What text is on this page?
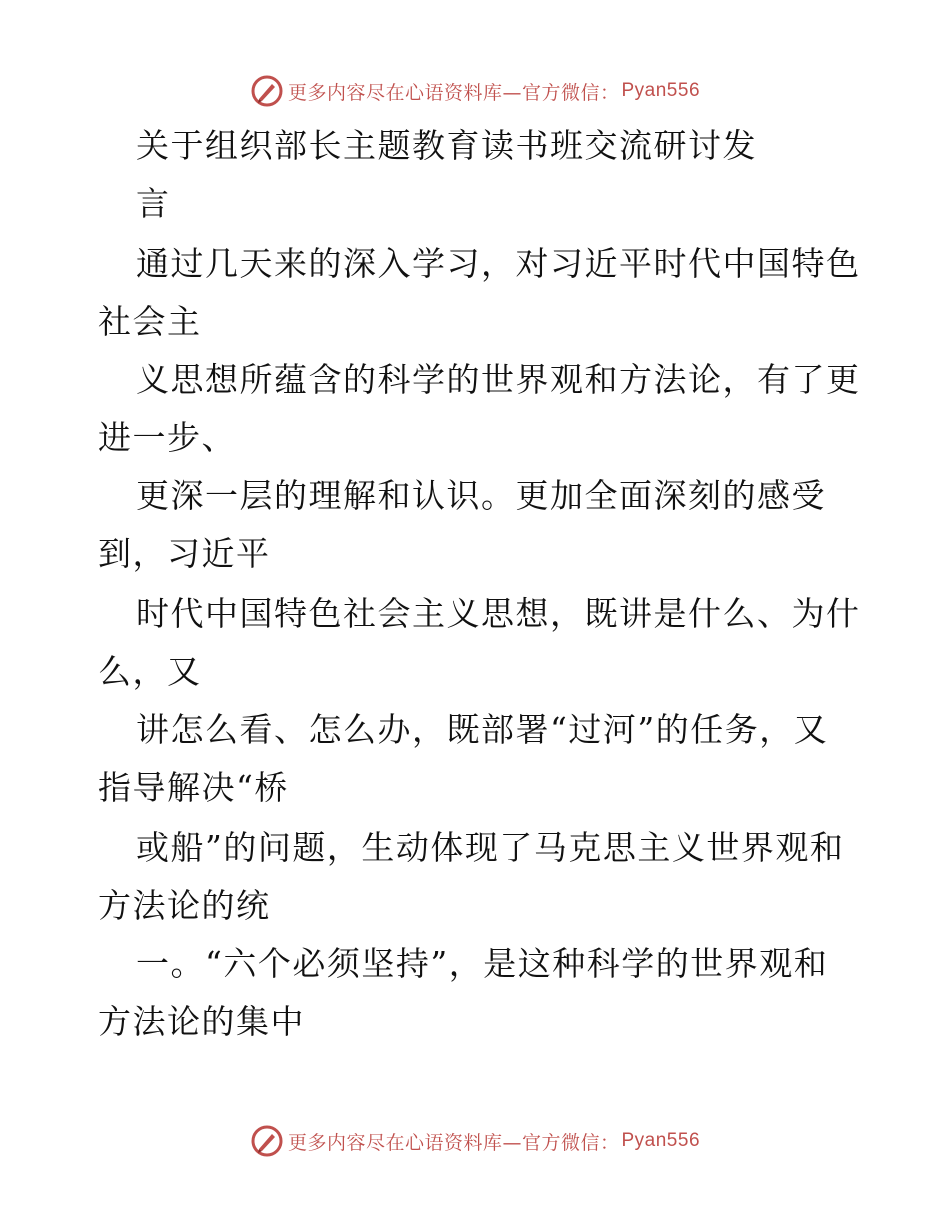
更多内容尽在心语资料库—官方微信： Pyan556
关于组织部长主题教育读书班交流研讨发
言
通过几天来的深入学习，对习近平时代中国特色
社会主
义思想所蕴含的科学的世界观和方法论，有了更
进一步、
更深一层的理解和认识。更加全面深刻的感受
到，习近平
时代中国特色社会主义思想，既讲是什么、为什
么，又
讲怎么看、怎么办，既部署“过河”的任务，又
指导解决“桥
或船”的问题，生动体现了马克思主义世界观和
方法论的统
一。“六个必须坚持”，是这种科学的世界观和
方法论的集中
更多内容尽在心语资料库—官方微信： Pyan556
